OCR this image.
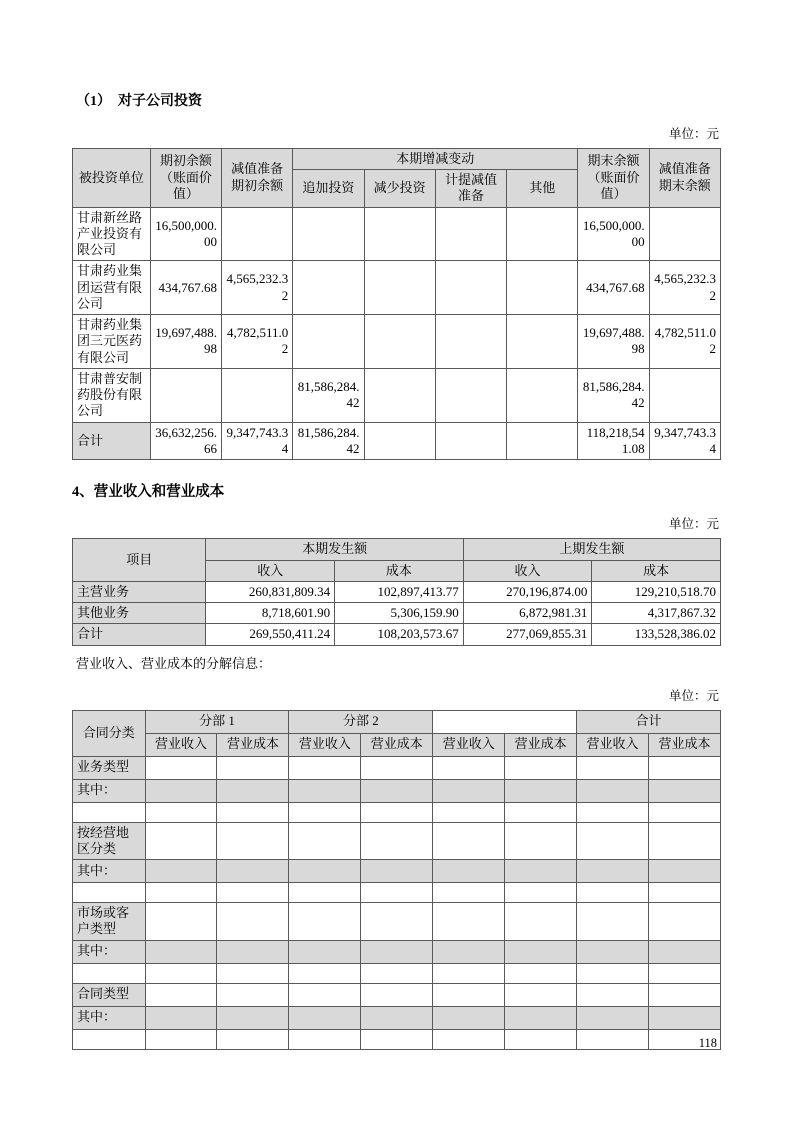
（1）　对子公司投资
单位：元
被投资单位	期初余额（账面价值）	减值准备期初余额	本期增减变动				期末余额（账面价值）	减值准备期末余额
			追加投资	减少投资	计提减值准备	其他		
甘肃新丝路产业投资有限公司	16,500,000.00						16,500,000.00	
甘肃药业集团运营有限公司	434,767.68	4,565,232.32					434,767.68	4,565,232.32
甘肃药业集团三元医药有限公司	19,697,488.98	4,782,511.02					19,697,488.98	4,782,511.02
甘肃普安制药股份有限公司			81,586,284.42				81,586,284.42	
合计	36,632,256.66	9,347,743.34	81,586,284.42				118,218,541.08	9,347,743.34
4、营业收入和营业成本
单位：元
项目	本期发生额		上期发生额	
	收入	成本	收入	成本
主营业务	260,831,809.34	102,897,413.77	270,196,874.00	129,210,518.70
其他业务	8,718,601.90	5,306,159.90	6,872,981.31	4,317,867.32
合计	269,550,411.24	108,203,573.67	277,069,855.31	133,528,386.02
营业收入、营业成本的分解信息：
单位：元
合同分类	分部 1		分部 2				合计	
	营业收入	营业成本	营业收入	营业成本	营业收入	营业成本	营业收入	营业成本
业务类型								
其中：								

按经营地区分类								
其中：								

市场或客户类型								
其中：								

合同类型								
其中：								

118
